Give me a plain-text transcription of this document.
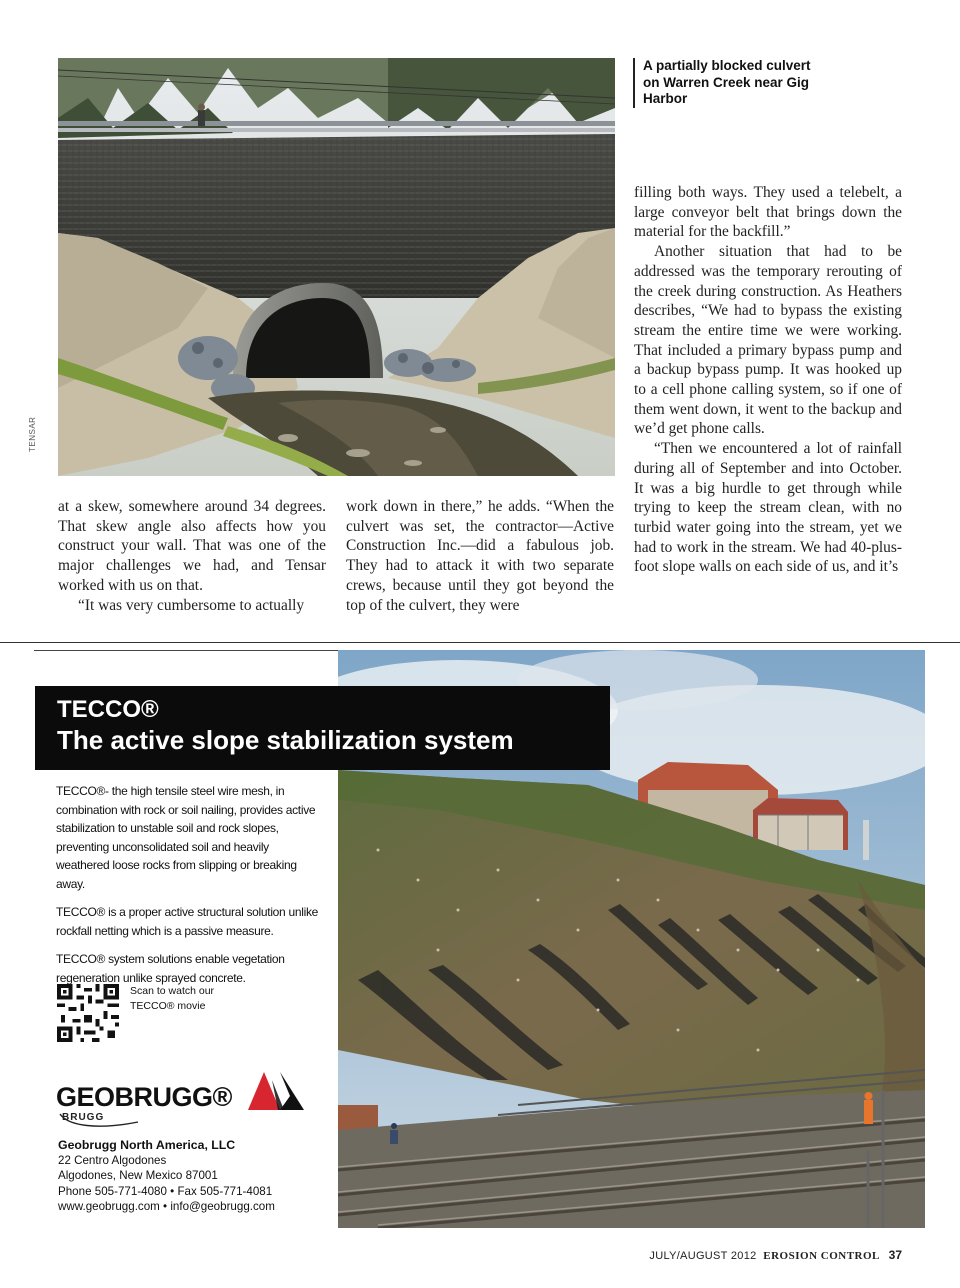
TENSAR
A partially blocked culvert on Warren Creek near Gig Harbor

filling both ways. They used a telebelt, a large conveyor belt that brings down the material for the backfill.”

Another situation that had to be addressed was the temporary rerouting of the creek during construction. As Heathers describes, “We had to bypass the existing stream the entire time we were working. That included a primary bypass pump and a backup bypass pump. It was hooked up to a cell phone calling system, so if one of them went down, it went to the backup and we’d get phone calls.

“Then we encountered a lot of rainfall during all of September and into October. It was a big hurdle to get through while trying to keep the stream clean, with no turbid water going into the stream, yet we had to work in the stream. We had 40-plus-foot slope walls on each side of us, and it’s

at a skew, somewhere around 34 degrees. That skew angle also affects how you construct your wall. That was one of the major challenges we had, and Tensar worked with us on that.

“It was very cumbersome to actually

work down in there,” he adds. “When the culvert was set, the contractor—Active Construction Inc.—did a fabulous job. They had to attack it with two separate crews, because until they got beyond the top of the culvert, they were

TECCO®
The active slope stabilization system

TECCO®- the high tensile steel wire mesh, in combination with rock or soil nailing, provides active stabilization to unstable soil and rock slopes, preventing unconsolidated soil and heavily weathered loose rocks from slipping or breaking away.

TECCO® is a proper active structural solution unlike rockfall netting which is a passive measure.

TECCO® system solutions enable vegetation regeneration unlike sprayed concrete.

Scan to watch our TECCO® movie
GEOBRUGG®
BRUGG
Geobrugg North America, LLC
22 Centro Algodones
Algodones, New Mexico 87001
Phone 505-771-4080 • Fax 505-771-4081
www.geobrugg.com • info@geobrugg.com
JULY/AUGUST 2012 EROSION CONTROL 37
